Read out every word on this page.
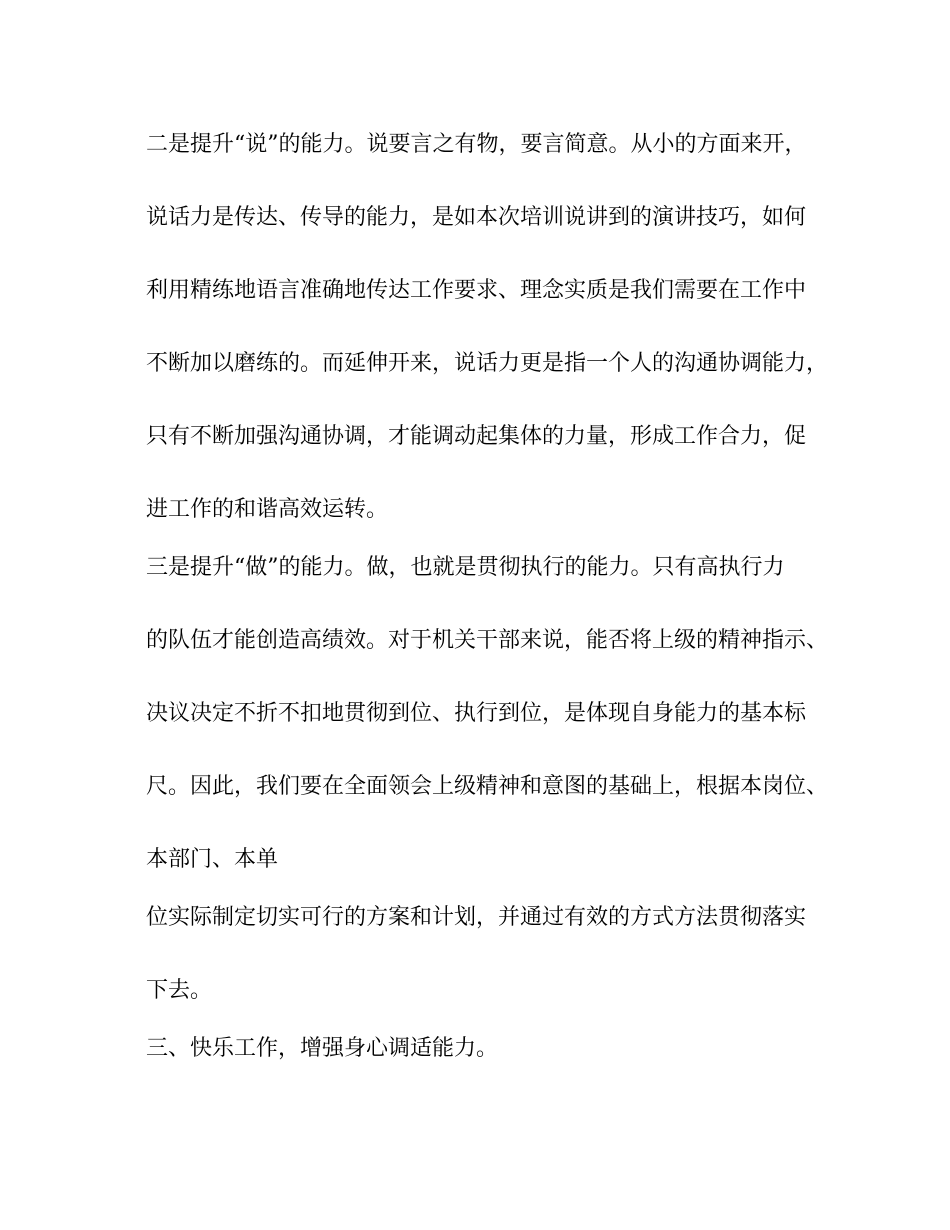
二是提升“说”的能力。说要言之有物，要言简意。从小的方面来开，
说话力是传达、传导的能力，是如本次培训说讲到的演讲技巧，如何
利用精练地语言准确地传达工作要求、理念实质是我们需要在工作中
不断加以磨练的。而延伸开来，说话力更是指一个人的沟通协调能力，
只有不断加强沟通协调，才能调动起集体的力量，形成工作合力，促
进工作的和谐高效运转。
三是提升“做”的能力。做，也就是贯彻执行的能力。只有高执行力
的队伍才能创造高绩效。对于机关干部来说，能否将上级的精神指示、
决议决定不折不扣地贯彻到位、执行到位，是体现自身能力的基本标
尺。因此，我们要在全面领会上级精神和意图的基础上，根据本岗位、
本部门、本单
位实际制定切实可行的方案和计划，并通过有效的方式方法贯彻落实
下去。
三、快乐工作，增强身心调适能力。
